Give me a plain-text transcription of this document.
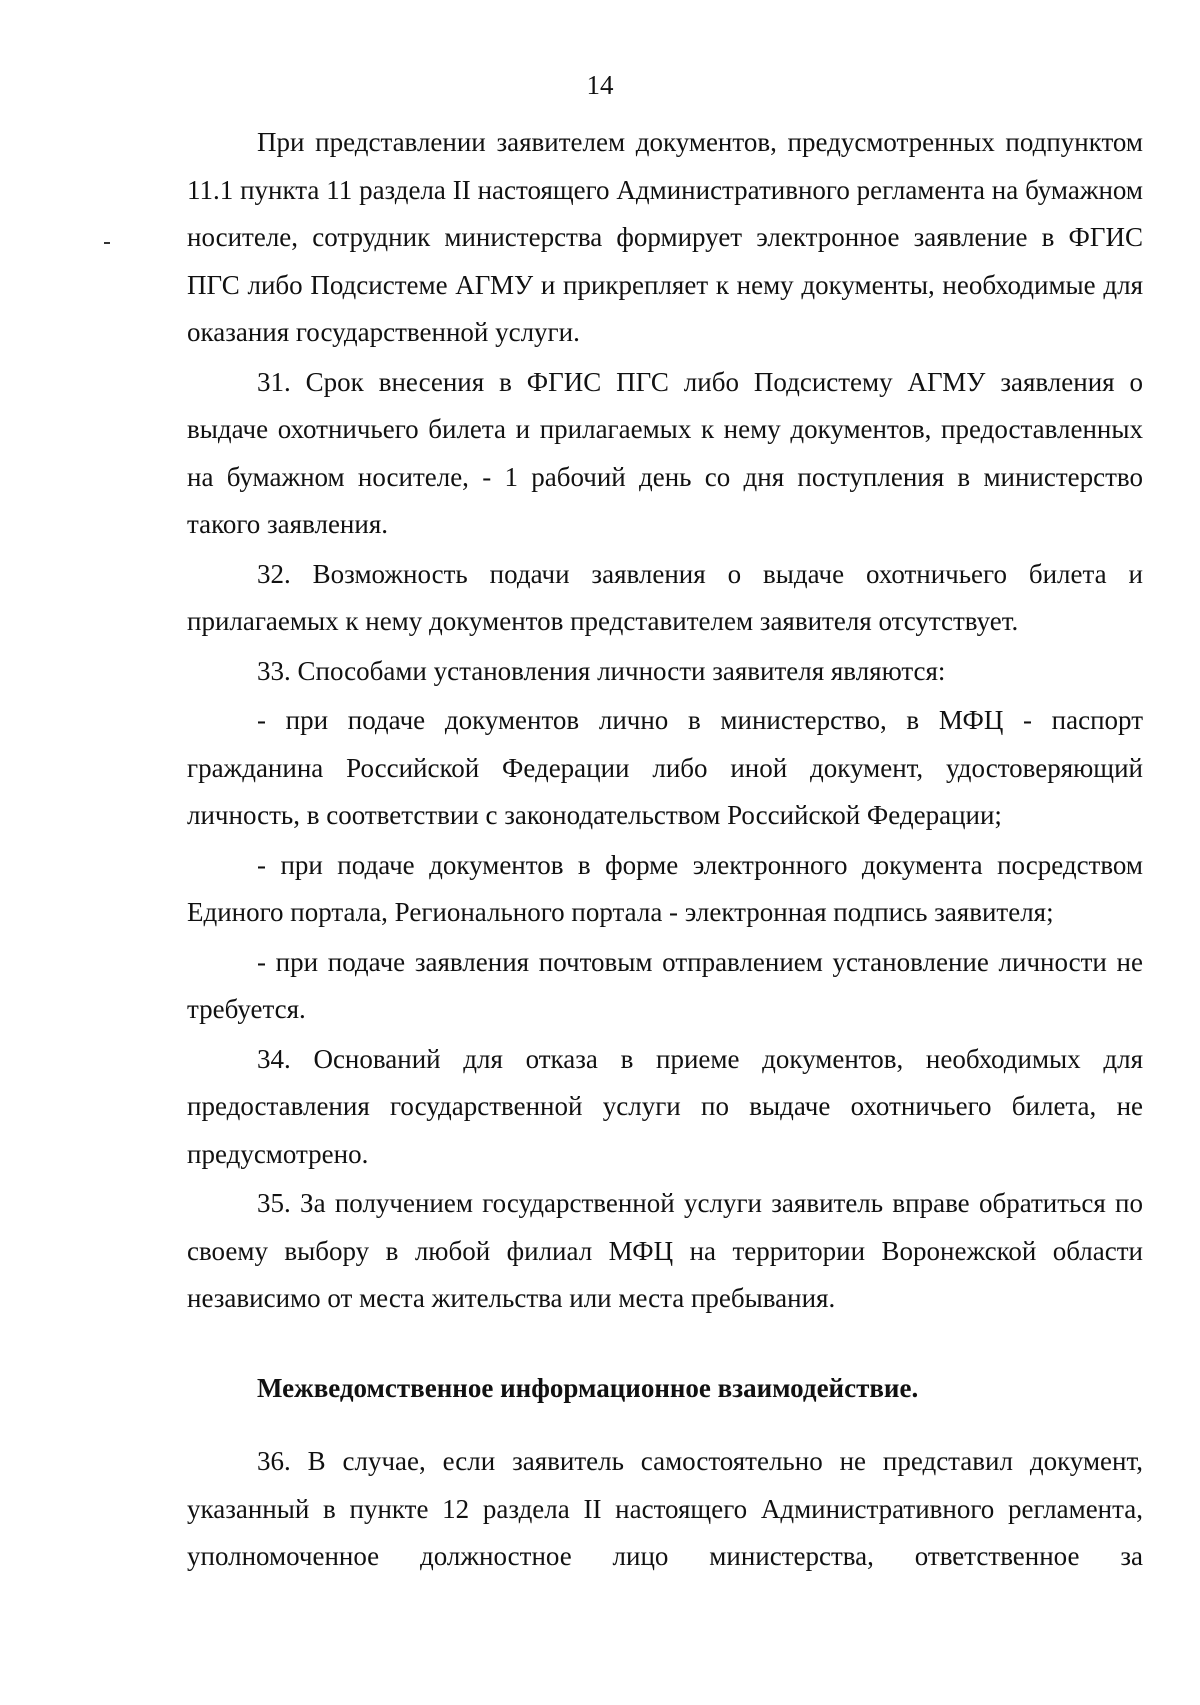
14

При представлении заявителем документов, предусмотренных подпунктом 11.1 пункта 11 раздела II настоящего Административного регламента на бумажном носителе, сотрудник министерства формирует электронное заявление в ФГИС ПГС либо Подсистеме АГМУ и прикрепляет к нему документы, необходимые для оказания государственной услуги.

31. Срок внесения в ФГИС ПГС либо Подсистему АГМУ заявления о выдаче охотничьего билета и прилагаемых к нему документов, предоставленных на бумажном носителе, - 1 рабочий день со дня поступления в министерство такого заявления.

32. Возможность подачи заявления о выдаче охотничьего билета и прилагаемых к нему документов представителем заявителя отсутствует.

33. Способами установления личности заявителя являются:

- при подаче документов лично в министерство, в МФЦ - паспорт гражданина Российской Федерации либо иной документ, удостоверяющий личность, в соответствии с законодательством Российской Федерации;

- при подаче документов в форме электронного документа посредством Единого портала, Регионального портала - электронная подпись заявителя;

- при подаче заявления почтовым отправлением установление личности не требуется.

34. Оснований для отказа в приеме документов, необходимых для предоставления государственной услуги по выдаче охотничьего билета, не предусмотрено.

35. За получением государственной услуги заявитель вправе обратиться по своему выбору в любой филиал МФЦ на территории Воронежской области независимо от места жительства или места пребывания.

Межведомственное информационное взаимодействие.

36. В случае, если заявитель самостоятельно не представил документ, указанный в пункте 12 раздела II настоящего Административного регламента, уполномоченное должностное лицо министерства, ответственное за
